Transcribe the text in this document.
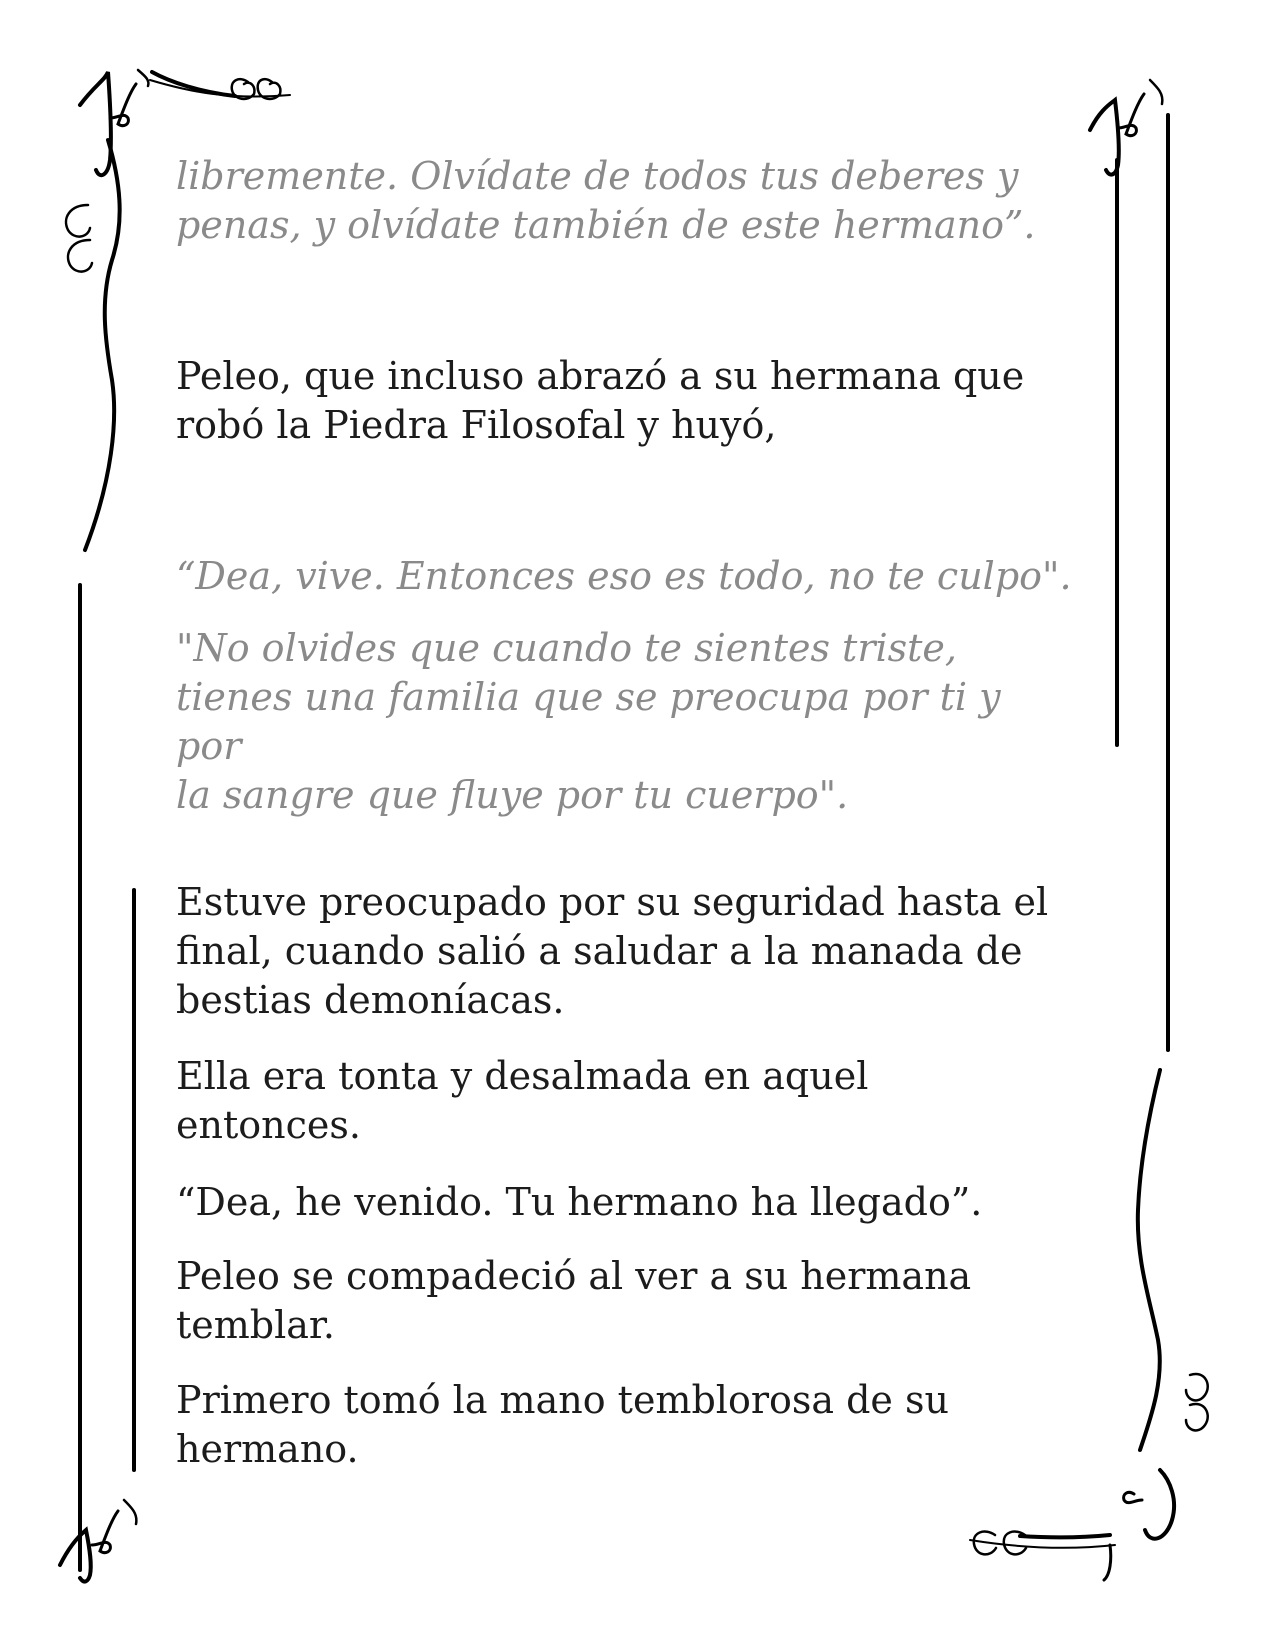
libremente. Olvídate de todos tus deberes y
penas, y olvídate también de este hermano”.

Peleo, que incluso abrazó a su hermana que
robó la Piedra Filosofal y huyó,

“Dea, vive. Entonces eso es todo, no te culpo".

"No olvides que cuando te sientes triste,
tienes una familia que se preocupa por ti y por
la sangre que fluye por tu cuerpo".

Estuve preocupado por su seguridad hasta el
final, cuando salió a saludar a la manada de
bestias demoníacas.

Ella era tonta y desalmada en aquel
entonces.

“Dea, he venido. Tu hermano ha llegado”.

Peleo se compadeció al ver a su hermana
temblar.

Primero tomó la mano temblorosa de su
hermano.
